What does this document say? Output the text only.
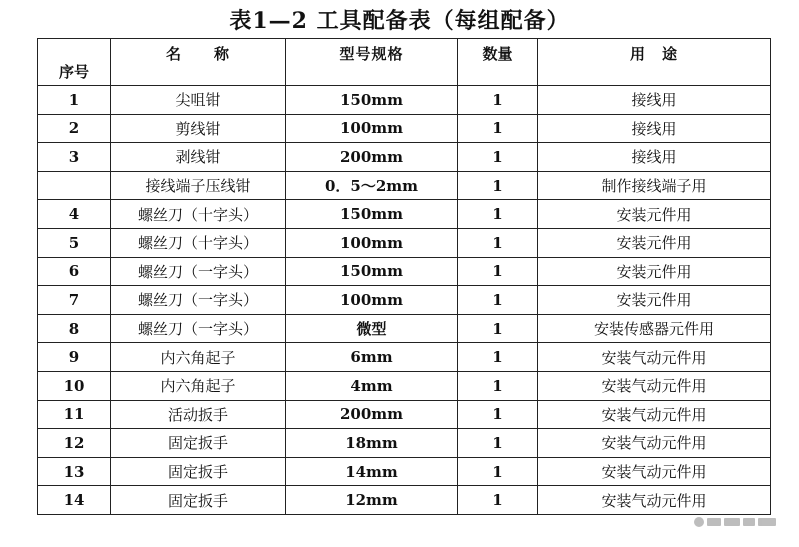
表1—2 工具配备表（每组配备）
序号	名　　称	型号规格	数量	用　途

1	尖咀钳	150mm	1	接线用
2	剪线钳	100mm	1	接线用
3	剥线钳	200mm	1	接线用
	接线端子压线钳	0．5～2mm	1	制作接线端子用
4	螺丝刀（十字头）	150mm	1	安装元件用
5	螺丝刀（十字头）	100mm	1	安装元件用
6	螺丝刀（一字头）	150mm	1	安装元件用
7	螺丝刀（一字头）	100mm	1	安装元件用
8	螺丝刀（一字头）	微型	1	安装传感器元件用
9	内六角起子	6mm	1	安装气动元件用
10	内六角起子	4mm	1	安装气动元件用
11	活动扳手	200mm	1	安装气动元件用
12	固定扳手	18mm	1	安装气动元件用
13	固定扳手	14mm	1	安装气动元件用
14	固定扳手	12mm	1	安装气动元件用
